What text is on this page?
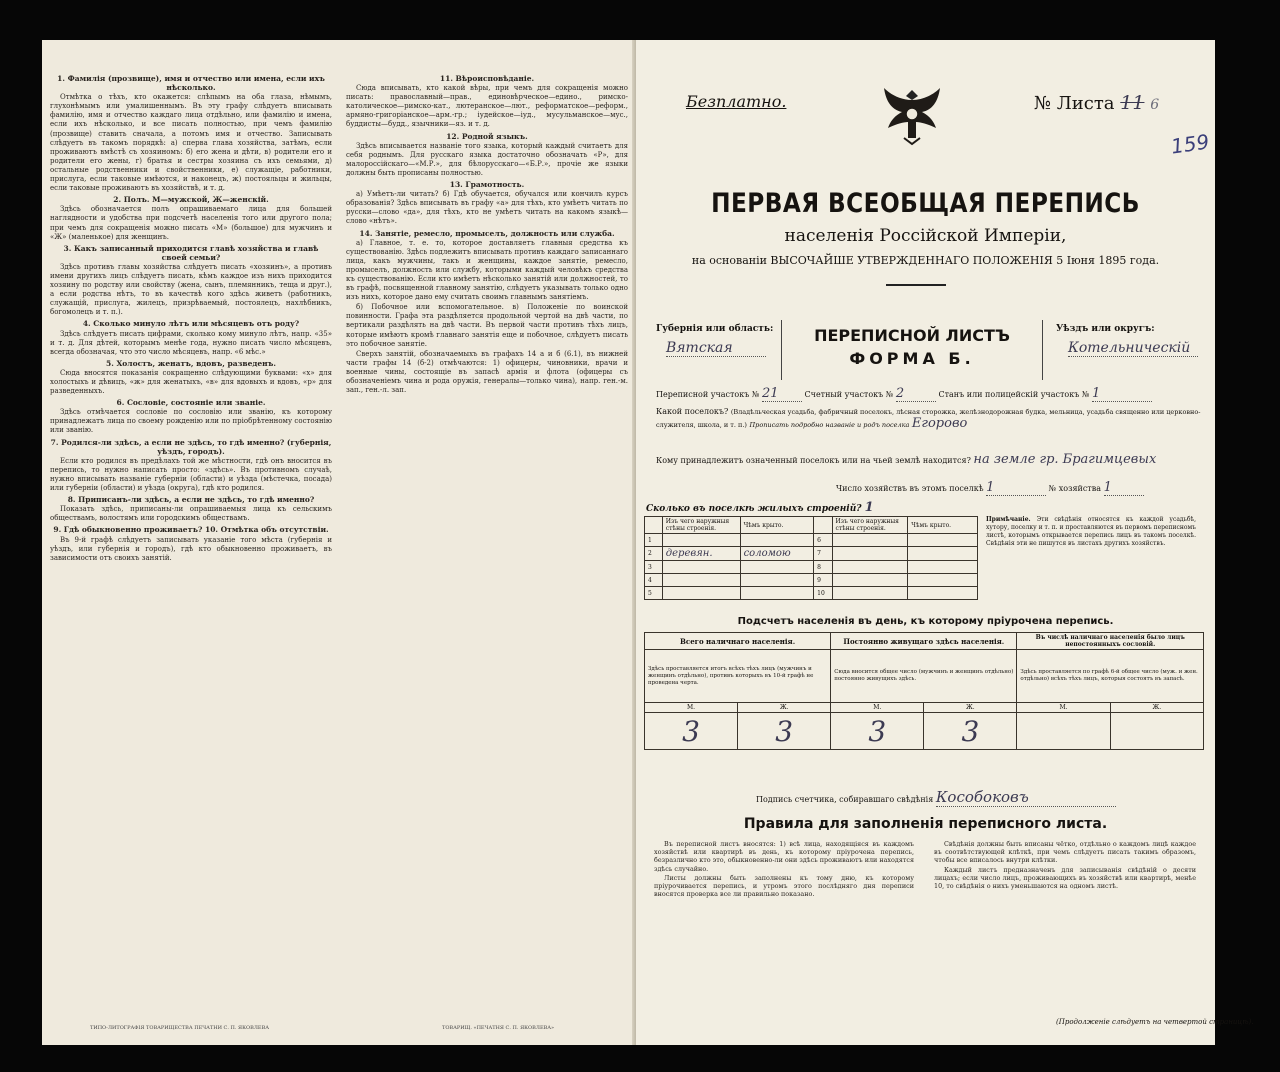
1. Фамилія (прозвище), имя и отчество или имена, если ихъ нѣсколько.

Отмѣтка о тѣхъ, кто окажется: слѣпымъ на оба глаза, нѣмымъ, глухонѣмымъ или умалишеннымъ. Въ эту графу слѣдуетъ вписывать фамилію, имя и отчество каждаго лица отдѣльно, или фамилію и имена, если ихъ нѣсколько, и все писать полностью, при чемъ фамилію (прозвище) ставить сначала, а потомъ имя и отчество. Записывать слѣдуетъ въ такомъ порядкѣ: а) сперва глава хозяйства, затѣмъ, если проживаютъ вмѣстѣ съ хозяиномъ: б) его жена и дѣти, в) родители его и родители его жены, г) братья и сестры хозяина съ ихъ семьями, д) остальные родственники и свойственники, е) служащіе, работники, прислуга, если таковые имѣются, и наконецъ, ж) постояльцы и жильцы, если таковые проживаютъ въ хозяйствѣ, и т. д.

2. Полъ. М—мужской, Ж—женскій.

Здѣсь обозначается полъ опрашиваемаго лица для большей наглядности и удобства при подсчетѣ населенія того или другого пола; при чемъ для сокращенія можно писать «М» (большое) для мужчинъ и «Ж» (маленькое) для женщинъ.

3. Какъ записанный приходится главѣ хозяйства и главѣ своей семьи?

Здѣсь противъ главы хозяйства слѣдуетъ писать «хозяинъ», а противъ имени другихъ лицъ слѣдуетъ писать, кѣмъ каждое изъ нихъ приходится хозяину по родству или свойству (жена, сынъ, племянникъ, теща и друг.), а если родства нѣтъ, то въ качествѣ кого здѣсь живетъ (работникъ, служащій, прислуга, жилецъ, призрѣваемый, постоялецъ, нахлѣбникъ, богомолецъ и т. п.).

4. Сколько минуло лѣтъ или мѣсяцевъ отъ роду?

Здѣсь слѣдуетъ писать цифрами, сколько кому минуло лѣтъ, напр. «35» и т. д. Для дѣтей, которымъ менѣе года, нужно писать число мѣсяцевъ, всегда обозначая, что это число мѣсяцевъ, напр. «6 мѣс.»

5. Холостъ, женатъ, вдовъ, разведенъ.

Сюда вносятся показанія сокращенно слѣдующими буквами: «х» для холостыхъ и дѣвицъ, «ж» для женатыхъ, «в» для вдовыхъ и вдовъ, «р» для разведенныхъ.

6. Сословіе, состояніе или званіе.

Здѣсь отмѣчается сословіе по сословію или званію, къ которому принадлежатъ лица по своему рожденію или по пріобрѣтенному состоянію или званію.

7. Родился-ли здѣсь, а если не здѣсь, то гдѣ именно? (губернія, уѣздъ, городъ).

Если кто родился въ предѣлахъ той же мѣстности, гдѣ онъ вносится въ перепись, то нужно написать просто: «здѣсь». Въ противномъ случаѣ, нужно вписывать названіе губерніи (области) и уѣзда (мѣстечка, посада) или губерніи (области) и уѣзда (округа), гдѣ кто родился.

8. Приписанъ-ли здѣсь, а если не здѣсь, то гдѣ именно?

Показать здѣсь, приписаны-ли опрашиваемыя лица къ сельскимъ обществамъ, волостямъ или городскимъ обществамъ.

9. Гдѣ обыкновенно проживаетъ? 10. Отмѣтка объ отсутствіи.

Въ 9-й графѣ слѣдуетъ записывать указаніе того мѣста (губернія и уѣздъ, или губернія и городъ), гдѣ кто обыкновенно проживаетъ, въ зависимости отъ своихъ занятій.

11. Вѣроисповѣданіе.

Сюда вписывать, кто какой вѣры, при чемъ для сокращенія можно писать: православный—прав., единовѣрческое—едино., римско-католическое—римско-кат., лютеранское—лют., реформатское—реформ., армяно-григоріанское—арм.-гр.; іудейское—іуд., мусульманское—мус., буддисты—будд., язычники—яз. и т. д.

12. Родной языкъ.

Здѣсь вписывается названіе того языка, который каждый считаетъ для себя роднымъ. Для русскаго языка достаточно обозначать «Р», для малороссійскаго—«М.Р.», для бѣлорусскаго—«Б.Р.», прочіе же языки должны быть прописаны полностью.

13. Грамотность.

а) Умѣетъ-ли читать? б) Гдѣ обучается, обучался или кончилъ курсъ образованія? Здѣсь вписывать въ графу «а» для тѣхъ, кто умѣетъ читать по русски—слово «да», для тѣхъ, кто не умѣетъ читать на какомъ языкѣ—слово «нѣтъ».

14. Занятіе, ремесло, промыселъ, должность или служба.

а) Главное, т. е. то, которое доставляетъ главныя средства къ существованію. Здѣсь подлежитъ вписывать противъ каждаго записаннаго лица, какъ мужчины, такъ и женщины, каждое занятіе, ремесло, промыселъ, должность или службу, которыми каждый человѣкъ средства къ существованію. Если кто имѣетъ нѣсколько занятій или должностей, то въ графѣ, посвященной главному занятію, слѣдуетъ указывать только одно изъ нихъ, которое дано ему считать своимъ главнымъ занятіемъ.

б) Побочное или вспомогательное. в) Положеніе по воинской повинности. Графа эта раздѣляется продольной чертой на двѣ части, по вертикали раздѣлять на двѣ части. Въ первой части противъ тѣхъ лицъ, которые имѣютъ кромѣ главнаго занятія еще и побочное, слѣдуетъ писать это побочное занятіе.

Сверхъ занятій, обозначаемыхъ въ графахъ 14 а и б (6.1), въ нижней части графы 14 (б-2) отмѣчаются: 1) офицеры, чиновники, врачи и военные чины, состоящіе въ запасѣ армія и флота (офицеры съ обозначеніемъ чина и рода оружія, генералы—только чина), напр. ген.-м. зап., ген.-л. зап.

ТИПО-ЛИТОГРАФІЯ ТОВАРИЩЕСТВА ПЕЧАТНИ С. П. ЯКОВЛЕВА	ТОВАРИЩ. «ПЕЧАТНЯ С. П. ЯКОВЛЕВА»
Безплатно.	№ Листа 11 6
159
ПЕРВАЯ ВСЕОБЩАЯ ПЕРЕПИСЬ
населенія Россійской Имперіи,
на основаніи ВЫСОЧАЙШЕ УТВЕРЖДЕННАГО ПОЛОЖЕНІЯ 5 Іюня 1895 года.
ПЕРЕПИСНОЙ ЛИСТЪ
ФОРМА Б.
Губернія или область:
Вятская
Уѣздъ или округъ:
Котельническій
Переписной участокъ № 21	Счетный участокъ № 2	Станъ или полицейскій участокъ № 1
Какой поселокъ? (Владѣльческая усадьба, фабричный поселокъ, лѣсная сторожка, желѣзнодорожная будка, мельница, усадьба священно или церковно-служителя, школа, и т. п.) Прописать подробно названіе и родъ поселка Егорово
Кому принадлежитъ означенный поселокъ или на чьей землѣ находится? на земле гр. Брагимцевых
Число хозяйствъ въ этомъ поселкѣ 1	№ хозяйства 1
Сколько въ поселкѣ жилыхъ строеній? 1
	Изъ чего наружныя стѣны строенія.	Чѣмъ крыто.		Изъ чего наружныя стѣны строенія.	Чѣмъ крыто.
1			6		
2	деревян.	соломою	7		
3			8		
4			9		
5			10		
Примѣчаніе. Эти свѣдѣнія относятся къ каждой усадьбѣ, хутору, поселку и т. п. и проставляются въ первомъ переписномъ листѣ, которымъ открывается перепись лицъ въ такомъ поселкѣ. Свѣдѣнія эти не пишутся въ листахъ другихъ хозяйствъ.
Подсчетъ населенія въ день, къ которому пріурочена перепись.
Всего наличнаго населенія.		Постоянно живущаго здѣсь населенія.		Въ числѣ наличнаго населенія было лицъ непостоянныхъ сословій.	
Здѣсь проставляется итогъ всѣхъ тѣхъ лицъ (мужчинъ и женщинъ отдѣльно), противъ которыхъ въ 10-й графѣ не проведена черта.		Сюда вносится общее число (мужчинъ и женщинъ отдѣльно) постоянно живущихъ здѣсь.		Здѣсь проставляется по графѣ 6-й общее число (муж. и жен. отдѣльно) всѣхъ тѣхъ лицъ, которыя состоятъ въ запасѣ.	
М.	Ж.	М.	Ж.	М.	Ж.
3	3	3	3		
Подпись счетчика, собиравшаго свѣдѣнія Кособоковъ
Правила для заполненія переписного листа.

Въ переписной листъ вносятся: 1) всѣ лица, находящіяся въ каждомъ хозяйствѣ или квартирѣ въ день, къ которому пріурочена перепись, безразлично кто это, обыкновенно-ли они здѣсь проживаютъ или находятся здѣсь случайно.

Листы должны быть заполнены къ тому дню, къ которому пріурочивается перепись, и утромъ этого послѣдняго дня переписи вносятся проверка все ли правильно показано.

Свѣдѣнія должны быть вписаны чётко, отдѣльно о каждомъ лицѣ каждое въ соотвѣтствующей клѣткѣ, при чемъ слѣдуетъ писать такимъ образомъ, чтобы все вписалось внутри клѣтки.

Каждый листъ предназначенъ для записыванія свѣдѣній о десяти лицахъ; если число лицъ, проживающихъ въ хозяйствѣ или квартирѣ, менѣе 10, то свѣдѣнія о нихъ уменьшаются на одномъ листѣ.

(Продолженіе слѣдуетъ на четвертой страницѣ).
